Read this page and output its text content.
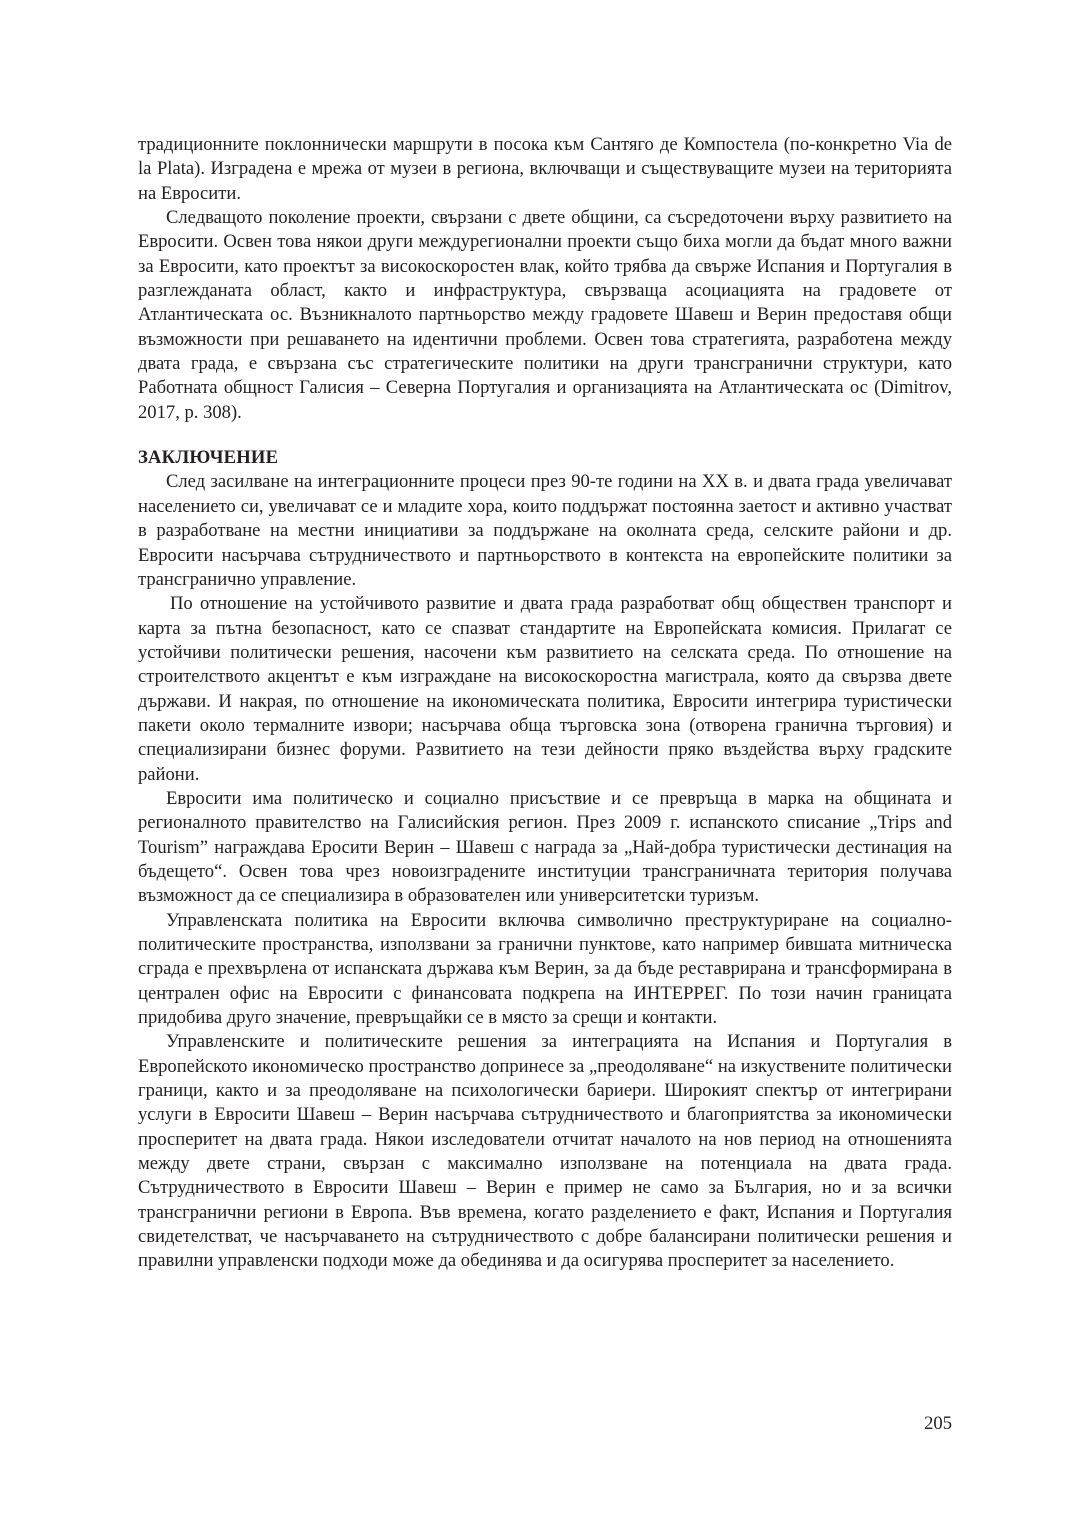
традиционните поклоннически маршрути в посока към Сантяго де Компостела (по-конкретно Via de la Plata). Изградена е мрежа от музеи в региона, включващи и съществуващите музеи на територията на Евросити.

Следващото поколение проекти, свързани с двете общини, са съсредоточени върху развитието на Евросити. Освен това някои други междурегионални проекти също биха могли да бъдат много важни за Евросити, като проектът за високоскоростен влак, който трябва да свърже Испания и Португалия в разглежданата област, както и инфраструктура, свързваща асоциацията на градовете от Атлантическата ос. Възникналото партньорство между градовете Шавеш и Верин предоставя общи възможности при решаването на идентични проблеми. Освен това стратегията, разработена между двата града, е свързана със стратегическите политики на други трансгранични структури, като Работната общност Галисия – Северна Португалия и организацията на Атлантическата ос (Dimitrov, 2017, p. 308).

ЗАКЛЮЧЕНИЕ

След засилване на интеграционните процеси през 90-те години на XX в. и двата града увеличават населението си, увеличават се и младите хора, които поддържат постоянна заетост и активно участват в разработване на местни инициативи за поддържане на околната среда, селските райони и др. Евросити насърчава сътрудничеството и партньорството в контекста на европейските политики за трансгранично управление.

По отношение на устойчивото развитие и двата града разработват общ обществен транспорт и карта за пътна безопасност, като се спазват стандартите на Европейската комисия. Прилагат се устойчиви политически решения, насочени към развитието на селската среда. По отношение на строителството акцентът е към изграждане на високоскоростна магистрала, която да свързва двете държави. И накрая, по отношение на икономическата политика, Евросити интегрира туристически пакети около термалните извори; насърчава обща търговска зона (отворена гранична търговия) и специализирани бизнес форуми. Развитието на тези дейности пряко въздейства върху градските райони.

Евросити има политическо и социално присъствие и се превръща в марка на общината и регионалното правителство на Галисийския регион. През 2009 г. испанското списание „Trips and Tourism” награждава Еросити Верин – Шавеш с награда за „Най-добра туристически дестинация на бъдещето“. Освен това чрез новоизградените институции трансграничната територия получава възможност да се специализира в образователен или университетски туризъм.

Управленската политика на Евросити включва символично преструктуриране на социално-политическите пространства, използвани за гранични пунктове, като например бившата митническа сграда е прехвърлена от испанската държава към Верин, за да бъде реставрирана и трансформирана в централен офис на Евросити с финансовата подкрепа на ИНТЕРРЕГ. По този начин границата придобива друго значение, превръщайки се в място за срещи и контакти.

Управленските и политическите решения за интеграцията на Испания и Португалия в Европейското икономическо пространство допринесе за „преодоляване“ на изкуствените политически граници, както и за преодоляване на психологически бариери. Широкият спектър от интегрирани услуги в Евросити Шавеш – Верин насърчава сътрудничеството и благоприятства за икономически просперитет на двата града. Някои изследователи отчитат началото на нов период на отношенията между двете страни, свързан с максимално използване на потенциала на двата града. Сътрудничеството в Евросити Шавеш – Верин е пример не само за България, но и за всички трансгранични региони в Европа. Във времена, когато разделението е факт, Испания и Португалия свидетелстват, че насърчаването на сътрудничеството с добре балансирани политически решения и правилни управленски подходи може да обединява и да осигурява просперитет за населението.

205
